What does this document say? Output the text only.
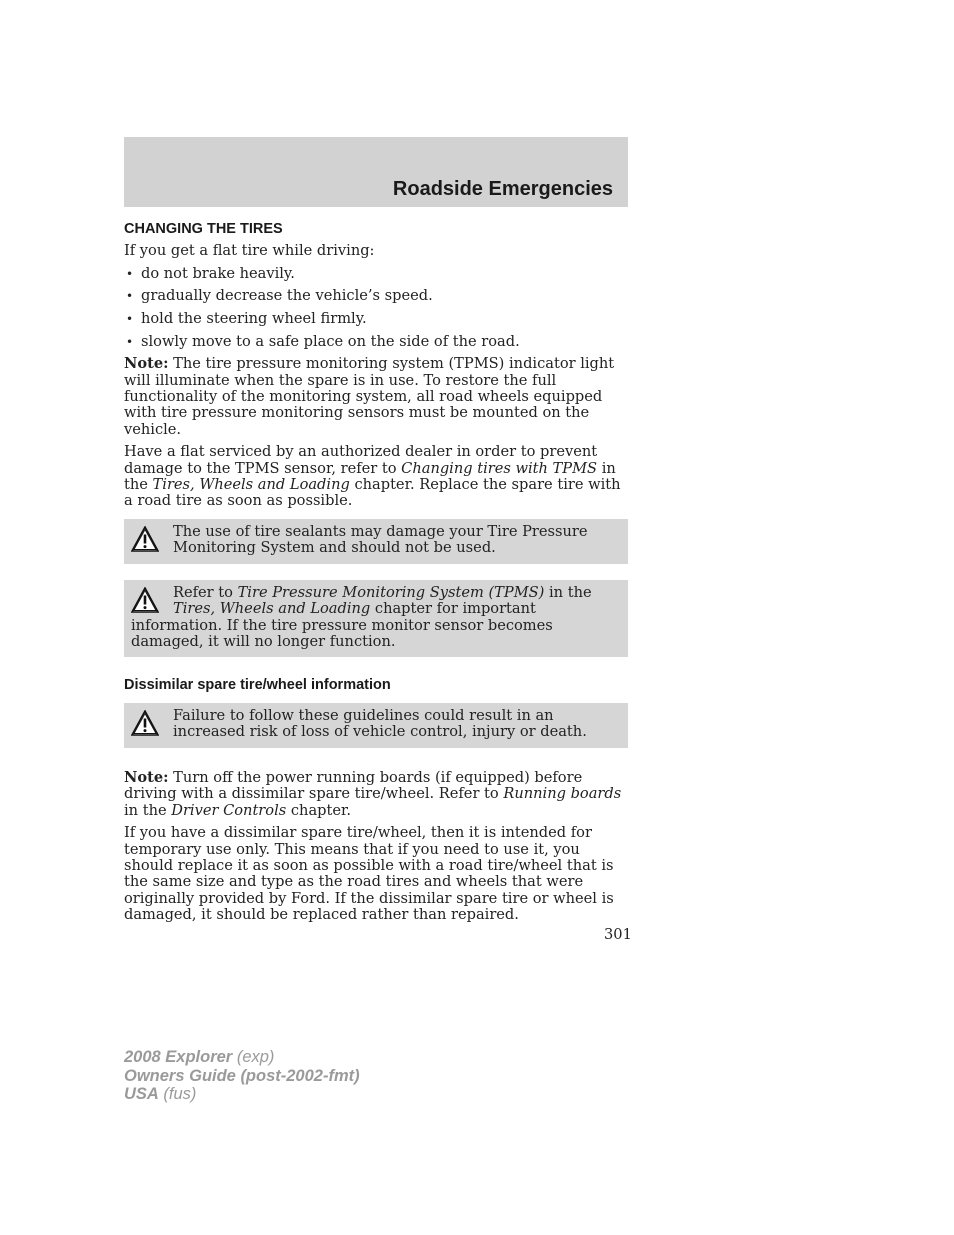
Roadside Emergencies
CHANGING THE TIRES

If you get a flat tire while driving:

• do not brake heavily.
• gradually decrease the vehicle’s speed.
• hold the steering wheel firmly.
• slowly move to a safe place on the side of the road.

Note: The tire pressure monitoring system (TPMS) indicator light will illuminate when the spare is in use. To restore the full functionality of the monitoring system, all road wheels equipped with tire pressure monitoring sensors must be mounted on the vehicle.

Have a flat serviced by an authorized dealer in order to prevent damage to the TPMS sensor, refer to Changing tires with TPMS in the Tires, Wheels and Loading chapter. Replace the spare tire with a road tire as soon as possible.

The use of tire sealants may damage your Tire Pressure Monitoring System and should not be used.
Refer to Tire Pressure Monitoring System (TPMS) in the Tires, Wheels and Loading chapter for important information. If the tire pressure monitor sensor becomes damaged, it will no longer function.
Dissimilar spare tire/wheel information
Failure to follow these guidelines could result in an increased risk of loss of vehicle control, injury or death.

Note: Turn off the power running boards (if equipped) before driving with a dissimilar spare tire/wheel. Refer to Running boards in the Driver Controls chapter.

If you have a dissimilar spare tire/wheel, then it is intended for temporary use only. This means that if you need to use it, you should replace it as soon as possible with a road tire/wheel that is the same size and type as the road tires and wheels that were originally provided by Ford. If the dissimilar spare tire or wheel is damaged, it should be replaced rather than repaired.

301
2008 Explorer (exp)
Owners Guide (post-2002-fmt)
USA (fus)
